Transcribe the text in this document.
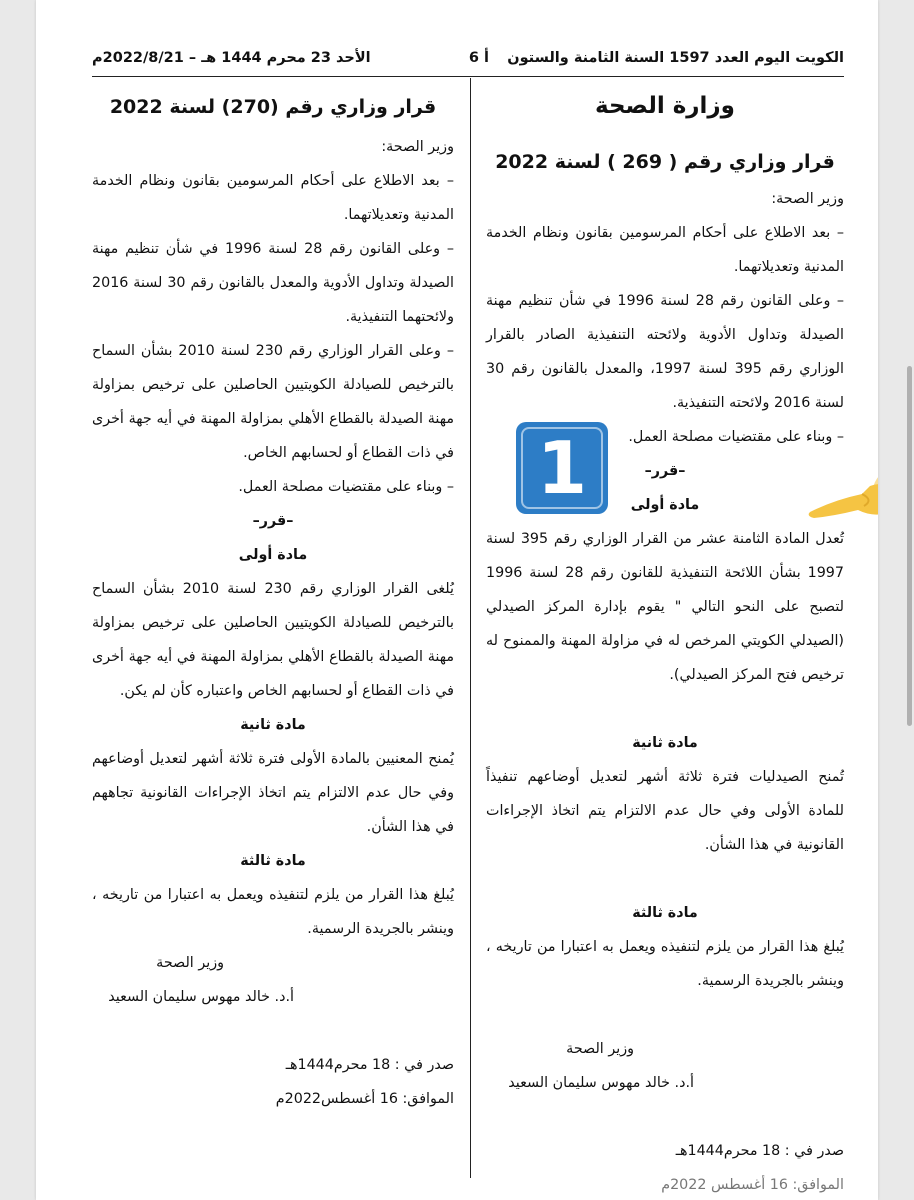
الكويت اليوم العدد 1597 السنة الثامنة والستون
أ 6
الأحد 23 محرم 1444 هـ – 2022/8/21م

وزارة الصحة

قرار وزاري رقم ( 269 ) لسنة 2022

وزير الصحة:

– بعد الاطلاع على أحكام المرسومين بقانون ونظام الخدمة المدنية وتعديلاتهما.

– وعلى القانون رقم 28 لسنة 1996 في شأن تنظيم مهنة الصيدلة وتداول الأدوية ولائحته التنفيذية الصادر بالقرار الوزاري رقم 395 لسنة 1997، والمعدل بالقانون رقم 30 لسنة 2016 ولائحته التنفيذية.

– وبناء على مقتضيات مصلحة العمل.

–قرر–

مادة أولى

تُعدل المادة الثامنة عشر من القرار الوزاري رقم 395 لسنة 1997 بشأن اللائحة التنفيذية للقانون رقم 28 لسنة 1996 لتصبح على النحو التالي " يقوم بإدارة المركز الصيدلي (الصيدلي الكويتي المرخص له في مزاولة المهنة والممنوح له ترخيص فتح المركز الصيدلي).

مادة ثانية

تُمنح الصيدليات فترة ثلاثة أشهر لتعديل أوضاعهم تنفيذاً للمادة الأولى وفي حال عدم الالتزام يتم اتخاذ الإجراءات القانونية في هذا الشأن.

مادة ثالثة

يُبلغ هذا القرار من يلزم لتنفيذه ويعمل به اعتبارا من تاريخه ، وينشر بالجريدة الرسمية.

وزير الصحة

أ.د. خالد مهوس سليمان السعيد

صدر في : 18 محرم1444هـ

الموافق: 16 أغسطس 2022م

قرار وزاري رقم (270) لسنة 2022

وزير الصحة:

– بعد الاطلاع على أحكام المرسومين بقانون ونظام الخدمة المدنية وتعديلاتهما.

– وعلى القانون رقم 28 لسنة 1996 في شأن تنظيم مهنة الصيدلة وتداول الأدوية والمعدل بالقانون رقم 30 لسنة 2016 ولائحتهما التنفيذية.

– وعلى القرار الوزاري رقم 230 لسنة 2010 بشأن السماح بالترخيص للصيادلة الكويتيين الحاصلين على ترخيص بمزاولة مهنة الصيدلة بالقطاع الأهلي بمزاولة المهنة في أيه جهة أخرى في ذات القطاع أو لحسابهم الخاص.

– وبناء على مقتضيات مصلحة العمل.

–قرر–

مادة أولى

يُلغى القرار الوزاري رقم 230 لسنة 2010 بشأن السماح بالترخيص للصيادلة الكويتيين الحاصلين على ترخيص بمزاولة مهنة الصيدلة بالقطاع الأهلي بمزاولة المهنة في أيه جهة أخرى في ذات القطاع أو لحسابهم الخاص واعتباره كأن لم يكن.

مادة ثانية

يُمنح المعنيين بالمادة الأولى فترة ثلاثة أشهر لتعديل أوضاعهم وفي حال عدم الالتزام يتم اتخاذ الإجراءات القانونية تجاههم في هذا الشأن.

مادة ثالثة

يُبلغ هذا القرار من يلزم لتنفيذه ويعمل به اعتبارا من تاريخه ، وينشر بالجريدة الرسمية.

وزير الصحة

أ.د. خالد مهوس سليمان السعيد

صدر في : 18 محرم1444هـ

الموافق: 16 أغسطس2022م

1
